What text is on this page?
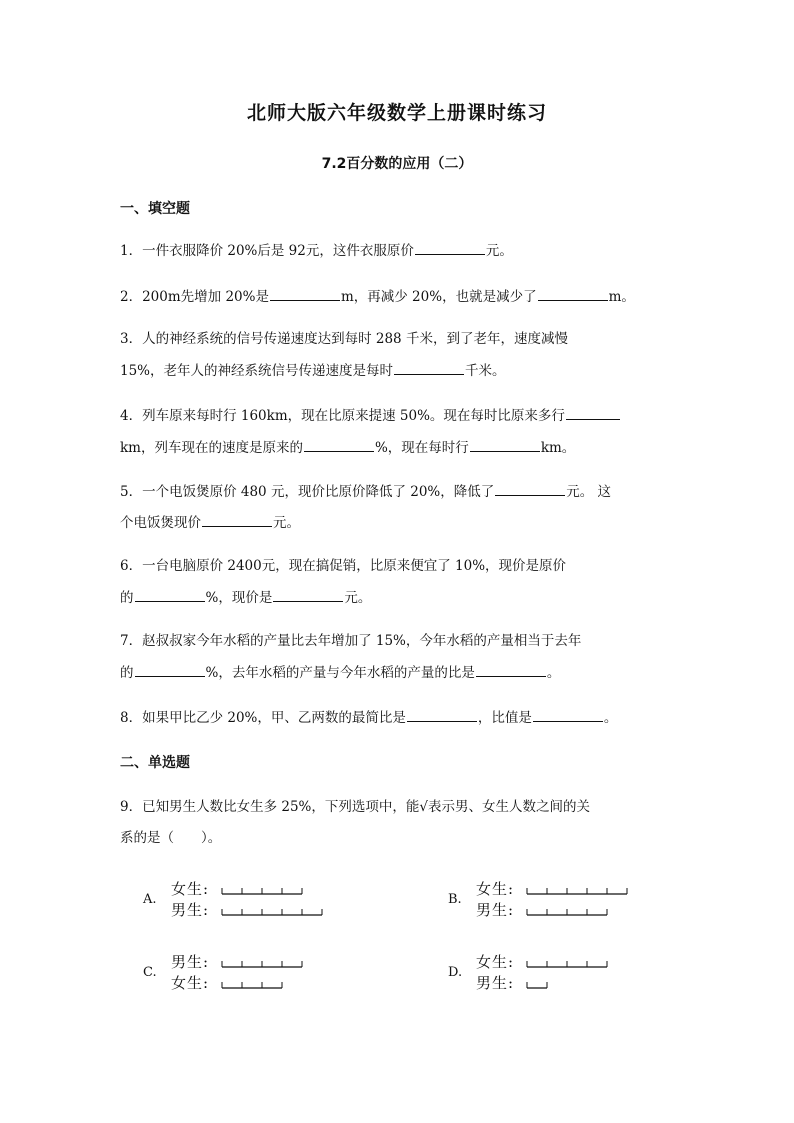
北师大版六年级数学上册课时练习
7.2百分数的应用（二）
一、填空题
1．一件衣服降价 20%后是 92元，这件衣服原价	元。
2．200m先增加 20%是	m，再减少 20%，也就是减少了	m。
3．人的神经系统的信号传递速度达到每时 288 千米，到了老年，速度减慢
15%，老年人的神经系统信号传递速度是每时	千米。
4．列车原来每时行 160km，现在比原来提速 50%。现在每时比原来多行
km，列车现在的速度是原来的	%，现在每时行	km。
5．一个电饭煲原价 480 元，现价比原价降低了 20%，降低了	元。 这
个电饭煲现价	元。
6．一台电脑原价 2400元，现在搞促销，比原来便宜了 10%，现价是原价
的	%，现价是	元。
7．赵叔叔家今年水稻的产量比去年增加了 15%，今年水稻的产量相当于去年
的	%，去年水稻的产量与今年水稻的产量的比是	。
8．如果甲比乙少 20%，甲、乙两数的最简比是	，比值是	。
二、单选题
9．已知男生人数比女生多 25%，下列选项中，能√表示男、女生人数之间的关
系的是（　　）。
A.
女生:
男生:
B.
女生:
男生:
C.
男生:
女生:
D.
女生:
男生:
